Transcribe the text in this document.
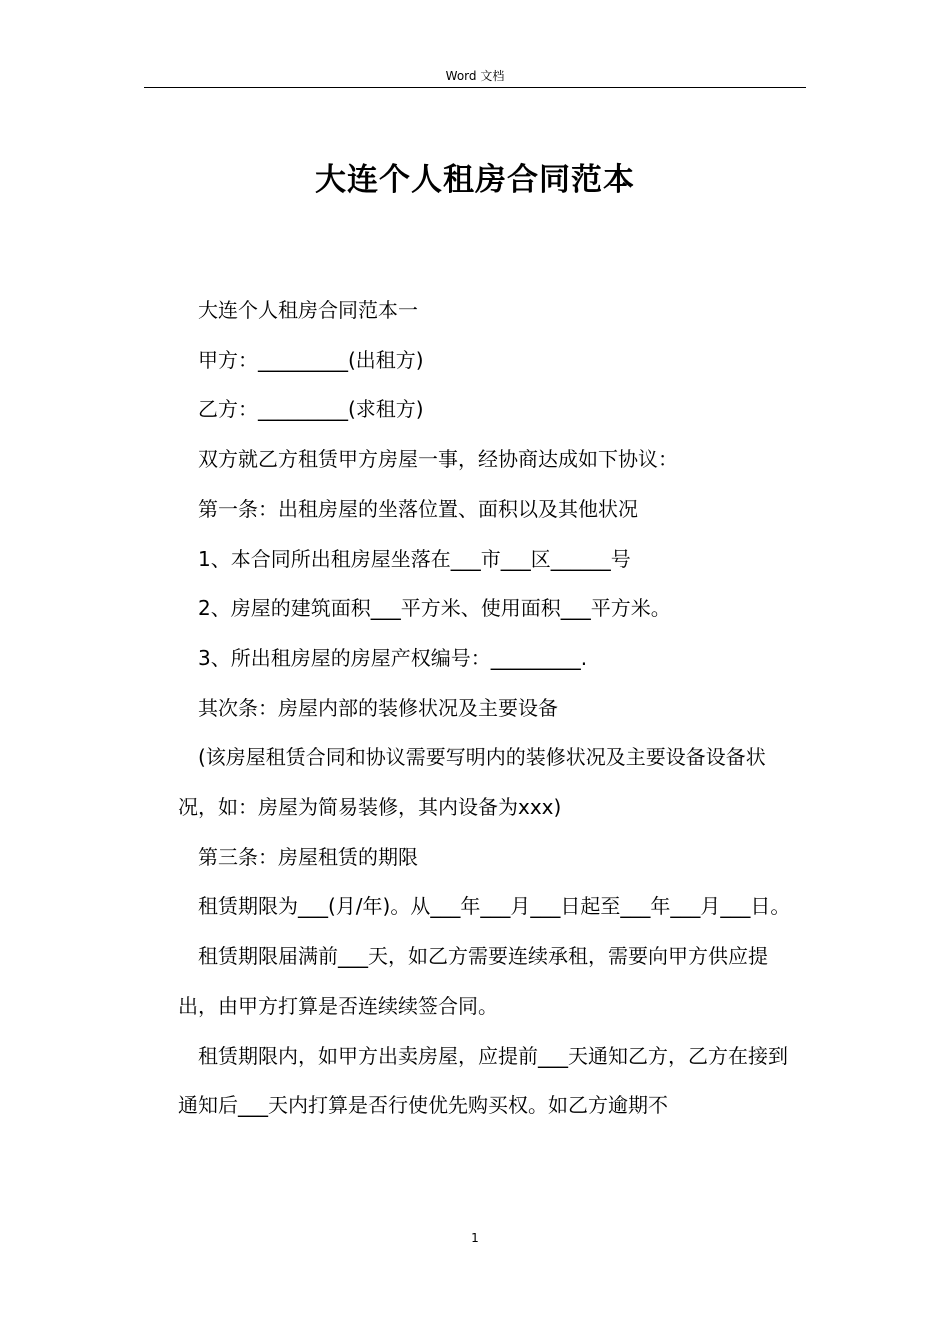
Word 文档
大连个人租房合同范本

大连个人租房合同范本一

甲方：_________(出租方)

乙方：_________(求租方)

双方就乙方租赁甲方房屋一事，经协商达成如下协议：

第一条：出租房屋的坐落位置、面积以及其他状况

1、本合同所出租房屋坐落在___市___区______号

2、房屋的建筑面积___平方米、使用面积___平方米。

3、所出租房屋的房屋产权编号：_________.

其次条：房屋内部的装修状况及主要设备

(该房屋租赁合同和协议需要写明内的装修状况及主要设备设备状况，如：房屋为简易装修，其内设备为xxx)

第三条：房屋租赁的期限

租赁期限为___(月/年)。从___年___月___日起至___年___月___日。

租赁期限届满前___天，如乙方需要连续承租，需要向甲方供应提出，由甲方打算是否连续续签合同。

租赁期限内，如甲方出卖房屋，应提前___天通知乙方，乙方在接到通知后___天内打算是否行使优先购买权。如乙方逾期不

1
